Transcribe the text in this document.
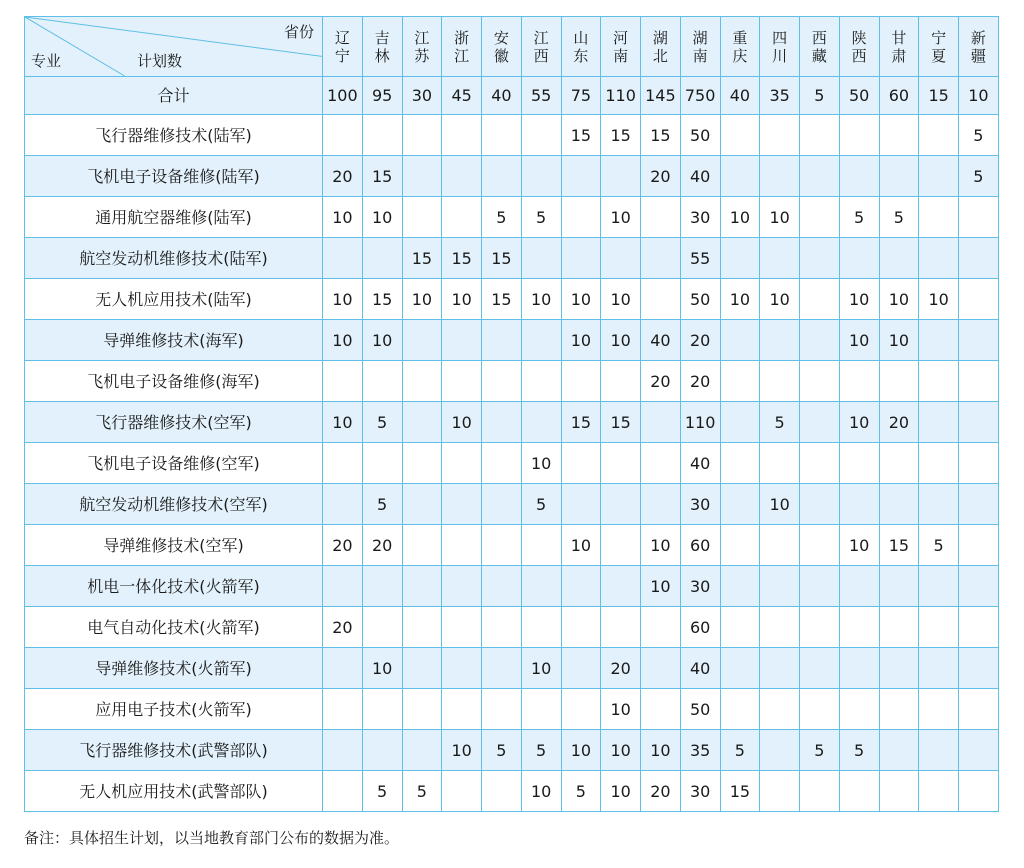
省份
专业 计划数	辽宁	吉林	江苏	浙江	安徽	江西	山东	河南	湖北	湖南	重庆	四川	西藏	陕西	甘肃	宁夏	新疆
合计	100	95	30	45	40	55	75	110	145	750	40	35	5	50	60	15	10
飞行器维修技术(陆军)							15	15	15	50							5
飞机电子设备维修(陆军)	20	15							20	40							5
通用航空器维修(陆军)	10	10			5	5		10		30	10	10		5	5		
航空发动机维修技术(陆军)			15	15	15					55							
无人机应用技术(陆军)	10	15	10	10	15	10	10	10		50	10	10		10	10	10	
导弹维修技术(海军)	10	10					10	10	40	20				10	10		
飞机电子设备维修(海军)									20	20							
飞行器维修技术(空军)	10	5		10			15	15		110		5		10	20		
飞机电子设备维修(空军)						10				40							
航空发动机维修技术(空军)		5				5				30		10					
导弹维修技术(空军)	20	20					10		10	60				10	15	5	
机电一体化技术(火箭军)									10	30							
电气自动化技术(火箭军)	20									60							
导弹维修技术(火箭军)		10				10		20		40							
应用电子技术(火箭军)								10		50							
飞行器维修技术(武警部队)				10	5	5	10	10	10	35	5		5	5			
无人机应用技术(武警部队)		5	5			10	5	10	20	30	15						
备注：具体招生计划，以当地教育部门公布的数据为准。
